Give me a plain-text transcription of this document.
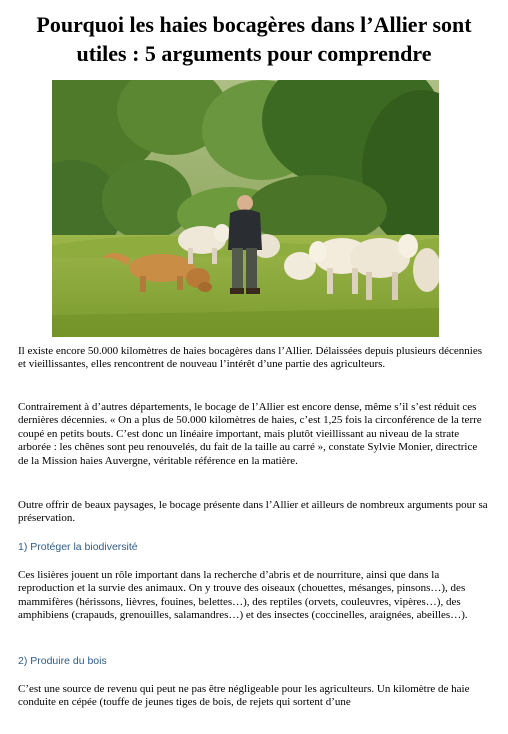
Pourquoi les haies bocagères dans l’Allier sont utiles : 5 arguments pour comprendre

Il existe encore 50.000 kilomètres de haies bocagères dans l’Allier. Délaissées depuis plusieurs décennies et vieillissantes, elles rencontrent de nouveau l’intérêt d’une partie des agriculteurs.

Contrairement à d’autres départements, le bocage de l’Allier est encore dense, même s’il s’est réduit ces dernières décennies. « On a plus de 50.000 kilomètres de haies, c’est 1,25 fois la circonférence de la terre coupé en petits bouts. C’est donc un linéaire important, mais plutôt vieillissant au niveau de la strate arborée : les chênes sont peu renouvelés, du fait de la taille au carré », constate Sylvie Monier, directrice de la Mission haies Auvergne, véritable référence en la matière.

Outre offrir de beaux paysages, le bocage présente dans l’Allier et ailleurs de nombreux arguments pour sa préservation.

1) Protéger la biodiversité

Ces lisières jouent un rôle important dans la recherche d’abris et de nourriture, ainsi que dans la reproduction et la survie des animaux. On y trouve des oiseaux (chouettes, mésanges, pinsons…), des mammifères (hérissons, lièvres, fouines, belettes…), des reptiles (orvets, couleuvres, vipères…), des amphibiens (crapauds, grenouilles, salamandres…) et des insectes (coccinelles, araignées, abeilles…).

2) Produire du bois

C’est une source de revenu qui peut ne pas être négligeable pour les agriculteurs. Un kilomètre de haie conduite en cépée (touffe de jeunes tiges de bois, de rejets qui sortent d’une
